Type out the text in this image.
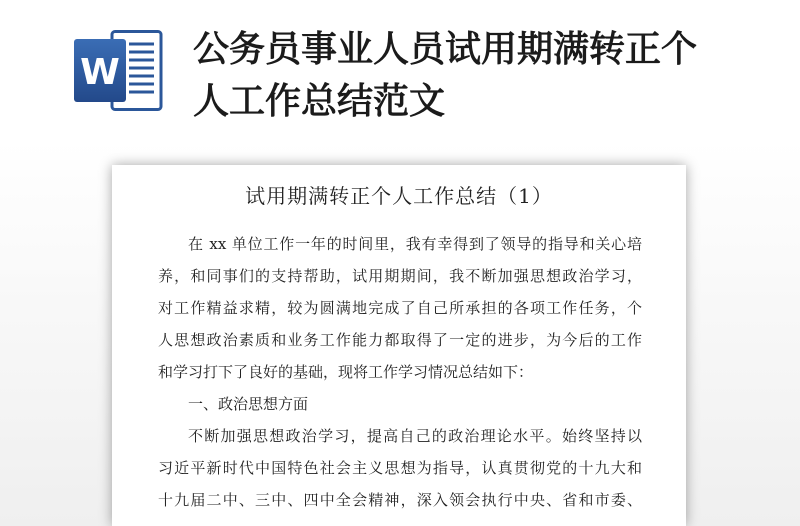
W
公务员事业人员试用期满转正个
人工作总结范文
试用期满转正个人工作总结（1）
在 xx 单位工作一年的时间里，我有幸得到了领导的指导和关心培
养，和同事们的支持帮助，试用期期间，我不断加强思想政治学习，
对工作精益求精，较为圆满地完成了自己所承担的各项工作任务，个
人思想政治素质和业务工作能力都取得了一定的进步，为今后的工作
和学习打下了良好的基础，现将工作学习情况总结如下：
一、政治思想方面
不断加强思想政治学习，提高自己的政治理论水平。始终坚持以
习近平新时代中国特色社会主义思想为指导，认真贯彻党的十九大和
十九届二中、三中、四中全会精神，深入领会执行中央、省和市委、
